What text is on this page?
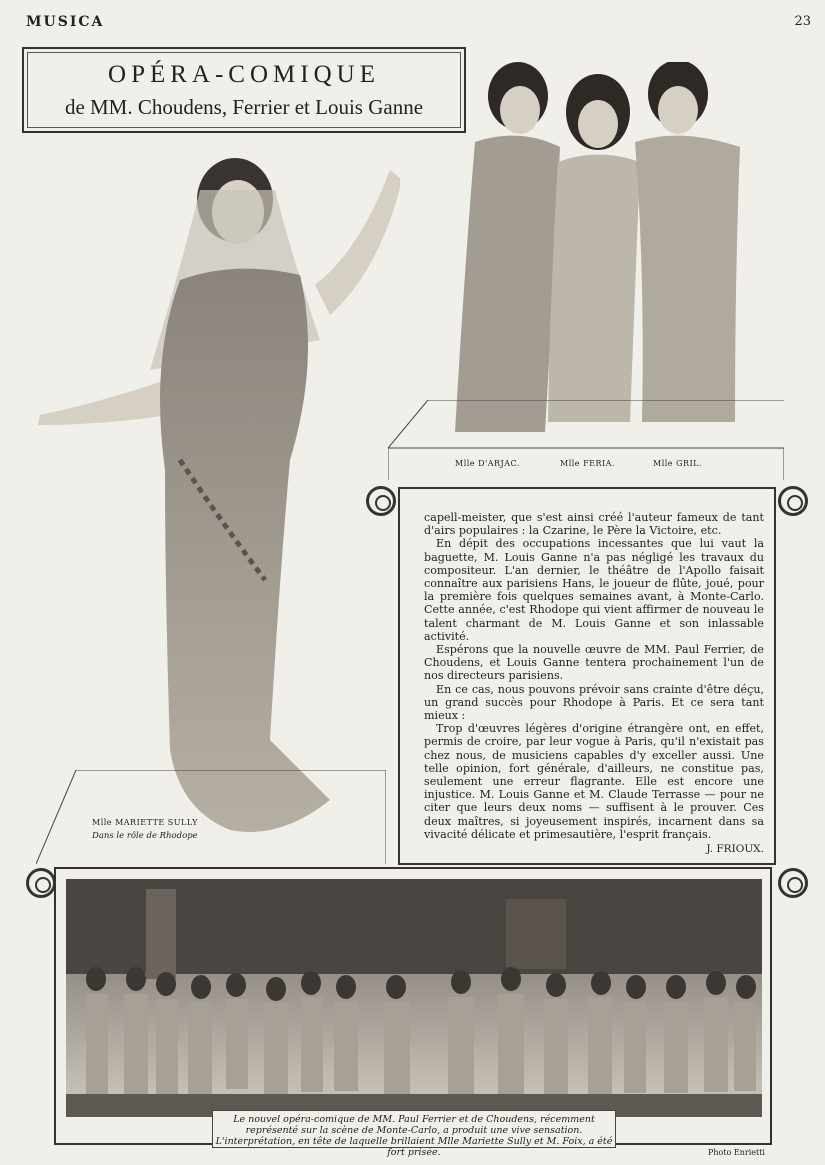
MUSICA	23
OPÉRA-COMIQUE
de MM. Choudens, Ferrier et Louis Ganne
Mlle MARIETTE SULLY
Dans le rôle de Rhodope
Mlle D'ARJAC.	Mlle FERIA.	Mlle GRIL.

capell-meister, que s'est ainsi créé l'auteur fameux de tant d'airs populaires : la Czarine, le Père la Victoire, etc.

En dépit des occupations incessantes que lui vaut la baguette, M. Louis Ganne n'a pas négligé les travaux du compositeur. L'an dernier, le théâtre de l'Apollo faisait connaître aux parisiens Hans, le joueur de flûte, joué, pour la première fois quelques semaines avant, à Monte-Carlo. Cette année, c'est Rhodope qui vient affirmer de nouveau le talent charmant de M. Louis Ganne et son inlassable activité.

Espérons que la nouvelle œuvre de MM. Paul Ferrier, de Choudens, et Louis Ganne tentera prochainement l'un de nos directeurs parisiens.

En ce cas, nous pouvons prévoir sans crainte d'être déçu, un grand succès pour Rhodope à Paris. Et ce sera tant mieux :

Trop d'œuvres légères d'origine étrangère ont, en effet, permis de croire, par leur vogue à Paris, qu'il n'existait pas chez nous, de musiciens capables d'y exceller aussi. Une telle opinion, fort générale, d'ailleurs, ne constitue pas, seulement une erreur flagrante. Elle est encore une injustice. M. Louis Ganne et M. Claude Terrasse — pour ne citer que leurs deux noms — suffisent à le prouver. Ces deux maîtres, si joyeusement inspirés, incarnent dans sa vivacité délicate et primesautière, l'esprit français.

J. FRIOUX.
Le nouvel opéra-comique de MM. Paul Ferrier et de Choudens, récemment représenté sur la scène de Monte-Carlo, a produit une vive sensation. L'interprétation, en tête de laquelle brillaient Mlle Mariette Sully et M. Foix, a été fort prisée.	Photo Enrietti
